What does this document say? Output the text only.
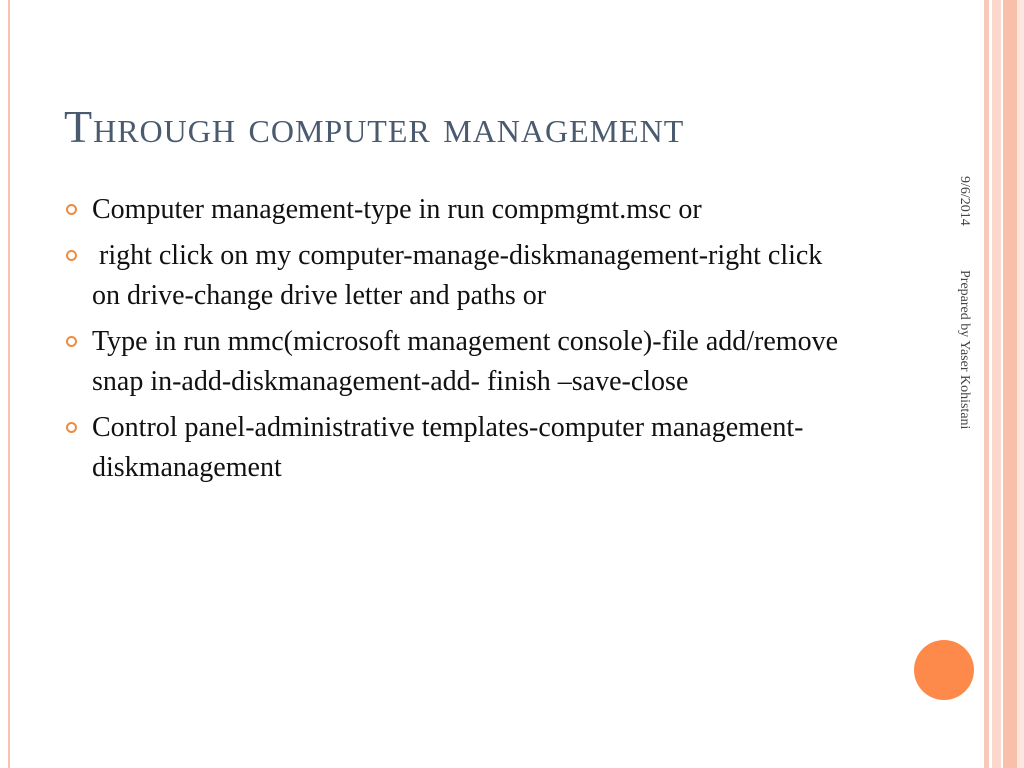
Through computer management
Computer management-type in run compmgmt.msc or
right click on my computer-manage-diskmanagement-right click on drive-change drive letter and paths or
Type in run mmc(microsoft management console)-file add/remove snap in-add-diskmanagement-add- finish –save-close
Control panel-administrative templates-computer management-diskmanagement
9/6/2014
Prepared by Yaser Kohistani
